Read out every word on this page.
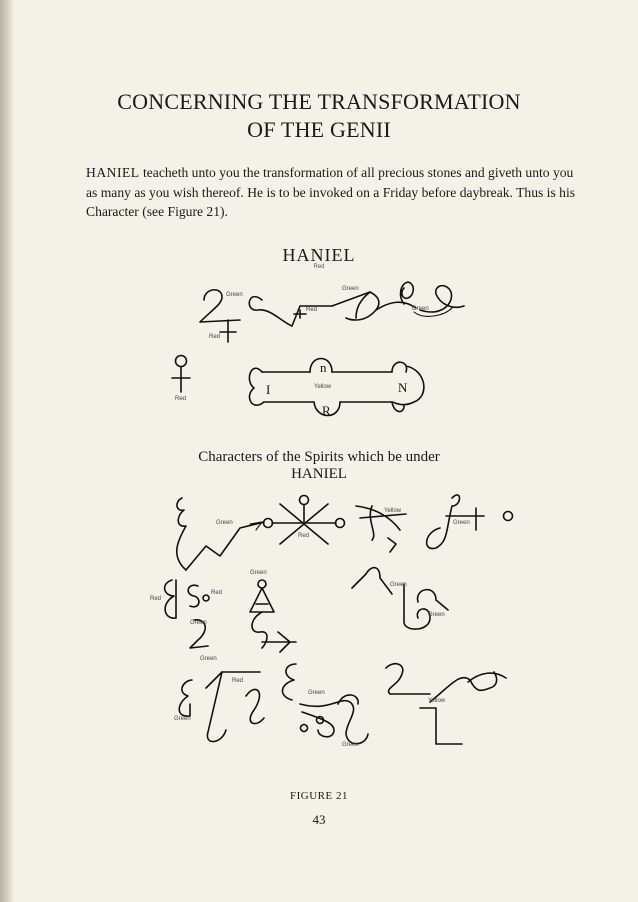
CONCERNING THE TRANSFORMATION
OF THE GENII
HANIEL teacheth unto you the transformation of all precious stones and giveth unto you as many as you wish thereof. He is to be invoked on a Friday before daybreak. Thus is his Character (see Figure 21).
HANIEL
Red
Characters of the Spirits which be under
HANIEL
FIGURE 21
43
Green
Green
Red	Green
Red
Red
I	N
n
R
Yellow
Green
Red
Yellow
Green
Red
Red
Green
Green
Green
Green
Green
Red
Green
Green
Green
Yellow
